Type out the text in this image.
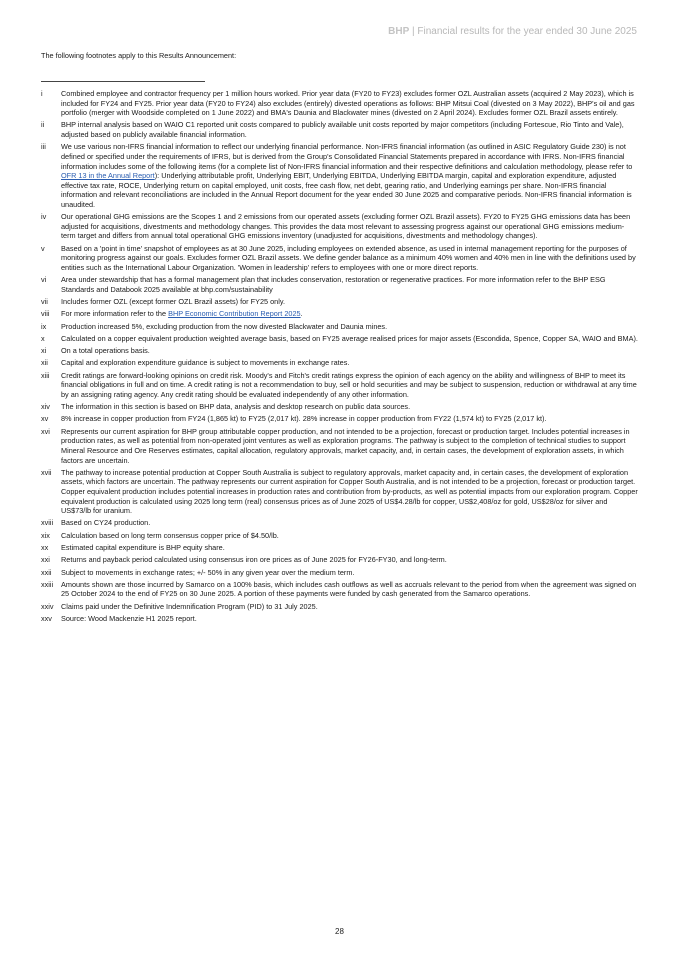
BHP | Financial results for the year ended 30 June 2025
The following footnotes apply to this Results Announcement:
i	Combined employee and contractor frequency per 1 million hours worked. Prior year data (FY20 to FY23) excludes former OZL Australian assets (acquired 2 May 2023), which is included for FY24 and FY25. Prior year data (FY20 to FY24) also excludes (entirely) divested operations as follows: BHP Mitsui Coal (divested on 3 May 2022), BHP's oil and gas portfolio (merger with Woodside completed on 1 June 2022) and BMA's Daunia and Blackwater mines (divested on 2 April 2024). Excludes former OZL Brazil assets entirely.
ii	BHP internal analysis based on WAIO C1 reported unit costs compared to publicly available unit costs reported by major competitors (including Fortescue, Rio Tinto and Vale), adjusted based on publicly available financial information.
iii	We use various non-IFRS financial information to reflect our underlying financial performance. Non-IFRS financial information (as outlined in ASIC Regulatory Guide 230) is not defined or specified under the requirements of IFRS, but is derived from the Group's Consolidated Financial Statements prepared in accordance with IFRS. Non-IFRS financial information includes some of the following items (for a complete list of Non-IFRS financial information and their respective definitions and calculation methodology, please refer to OFR 13 in the Annual Report): Underlying attributable profit, Underlying EBIT, Underlying EBITDA, Underlying EBITDA margin, capital and exploration expenditure, adjusted effective tax rate, ROCE, Underlying return on capital employed, unit costs, free cash flow, net debt, gearing ratio, and Underlying earnings per share. Non-IFRS financial information and relevant reconciliations are included in the Annual Report document for the year ended 30 June 2025 and comparative periods. Non-IFRS financial information is unaudited.
iv	Our operational GHG emissions are the Scopes 1 and 2 emissions from our operated assets (excluding former OZL Brazil assets). FY20 to FY25 GHG emissions data has been adjusted for acquisitions, divestments and methodology changes. This provides the data most relevant to assessing progress against our operational GHG emissions medium-term target and differs from annual total operational GHG emissions inventory (unadjusted for acquisitions, divestments and methodology changes).
v	Based on a 'point in time' snapshot of employees as at 30 June 2025, including employees on extended absence, as used in internal management reporting for the purposes of monitoring progress against our goals. Excludes former OZL Brazil assets. We define gender balance as a minimum 40% women and 40% men in line with the definitions used by entities such as the International Labour Organization. 'Women in leadership' refers to employees with one or more direct reports.
vi	Area under stewardship that has a formal management plan that includes conservation, restoration or regenerative practices. For more information refer to the BHP ESG Standards and Databook 2025 available at bhp.com/sustainability
vii	Includes former OZL (except former OZL Brazil assets) for FY25 only.
viii	For more information refer to the BHP Economic Contribution Report 2025.
ix	Production increased 5%, excluding production from the now divested Blackwater and Daunia mines.
x	Calculated on a copper equivalent production weighted average basis, based on FY25 average realised prices for major assets (Escondida, Spence, Copper SA, WAIO and BMA).
xi	On a total operations basis.
xii	Capital and exploration expenditure guidance is subject to movements in exchange rates.
xiii	Credit ratings are forward-looking opinions on credit risk. Moody's and Fitch's credit ratings express the opinion of each agency on the ability and willingness of BHP to meet its financial obligations in full and on time. A credit rating is not a recommendation to buy, sell or hold securities and may be subject to suspension, reduction or withdrawal at any time by an assigning rating agency. Any credit rating should be evaluated independently of any other information.
xiv	The information in this section is based on BHP data, analysis and desktop research on public data sources.
xv	8% increase in copper production from FY24 (1,865 kt) to FY25 (2,017 kt). 28% increase in copper production from FY22 (1,574 kt) to FY25 (2,017 kt).
xvi	Represents our current aspiration for BHP group attributable copper production, and not intended to be a projection, forecast or production target. Includes potential increases in production rates, as well as potential from non-operated joint ventures as well as exploration programs. The pathway is subject to the completion of technical studies to support Mineral Resource and Ore Reserves estimates, capital allocation, regulatory approvals, market capacity, and, in certain cases, the development of exploration assets, in which factors are uncertain.
xvii	The pathway to increase potential production at Copper South Australia is subject to regulatory approvals, market capacity and, in certain cases, the development of exploration assets, which factors are uncertain. The pathway represents our current aspiration for Copper South Australia, and is not intended to be a projection, forecast or production target. Copper equivalent production includes potential increases in production rates and contribution from by-products, as well as potential impacts from our exploration program. Copper equivalent production is calculated using 2025 long term (real) consensus prices as of June 2025 of US$4.28/lb for copper, US$2,408/oz for gold, US$28/oz for silver and US$73/lb for uranium.
xviii	Based on CY24 production.
xix	Calculation based on long term consensus copper price of $4.50/lb.
xx	Estimated capital expenditure is BHP equity share.
xxi	Returns and payback period calculated using consensus iron ore prices as of June 2025 for FY26-FY30, and long-term.
xxii	Subject to movements in exchange rates; +/- 50% in any given year over the medium term.
xxiii	Amounts shown are those incurred by Samarco on a 100% basis, which includes cash outflows as well as accruals relevant to the period from when the agreement was signed on 25 October 2024 to the end of FY25 on 30 June 2025. A portion of these payments were funded by cash generated from the Samarco operations.
xxiv	Claims paid under the Definitive Indemnification Program (PID) to 31 July 2025.
xxv	Source: Wood Mackenzie H1 2025 report.
28
